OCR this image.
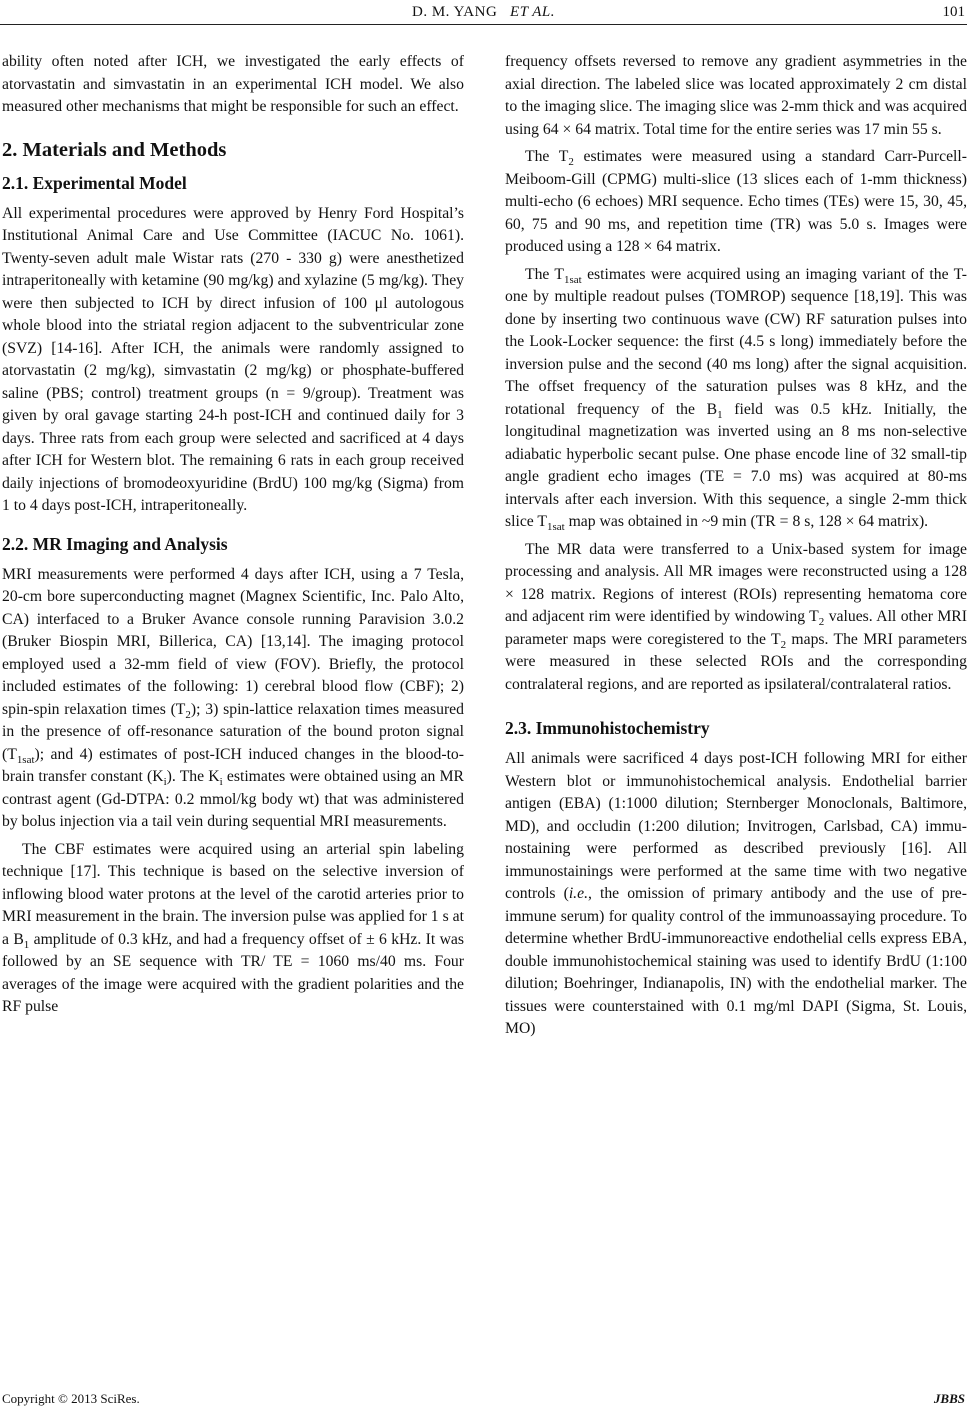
D. M. YANG ET AL.	101

ability often noted after ICH, we investigated the early effects of atorvastatin and simvastatin in an experimental ICH model. We also measured other mechanisms that might be responsible for such an effect.

2. Materials and Methods
2.1. Experimental Model

All experimental procedures were approved by Henry Ford Hospital’s Institutional Animal Care and Use Committee (IACUC No. 1061). Twenty-seven adult male Wistar rats (270 - 330 g) were anesthetized intraperitoneally with ketamine (90 mg/kg) and xylazine (5 mg/kg). They were then subjected to ICH by direct infusion of 100 μl autologous whole blood into the striatal region adjacent to the subventricular zone (SVZ) [14-16]. After ICH, the animals were randomly assigned to atorvastatin (2 mg/kg), simvastatin (2 mg/kg) or phosphate-buffered saline (PBS; control) treatment groups (n = 9/group). Treatment was given by oral gavage starting 24-h post-ICH and continued daily for 3 days. Three rats from each group were selected and sacrificed at 4 days after ICH for Western blot. The remaining 6 rats in each group received daily injections of bromodeoxyuridine (BrdU) 100 mg/kg (Sigma) from 1 to 4 days post-ICH, intraperitoneally.

2.2. MR Imaging and Analysis

MRI measurements were performed 4 days after ICH, using a 7 Tesla, 20-cm bore superconducting magnet (Magnex Scientific, Inc. Palo Alto, CA) interfaced to a Bruker Avance console running Paravision 3.0.2 (Bruker Biospin MRI, Billerica, CA) [13,14]. The imaging protocol employed used a 32-mm field of view (FOV). Briefly, the protocol included estimates of the following: 1) cerebral blood flow (CBF); 2) spin-spin relaxation times $(T_2)$; 3) spin-lattice relaxation times measured in the presence of off-resonance saturation of the bound proton signal $(T_{1sat})$; and 4) estimates of post-ICH induced changes in the blood-to-brain transfer constant $(K_i)$. The $K_i$ estimates were obtained using an MR contrast agent (Gd-DTPA: 0.2 mmol/kg body wt) that was administered by bolus injection via a tail vein during sequential MRI measurements.

The CBF estimates were acquired using an arterial spin labeling technique [17]. This technique is based on the selective inversion of inflowing blood water protons at the level of the carotid arteries prior to MRI measurement in the brain. The inversion pulse was applied for 1 s at a $B_1$ amplitude of 0.3 kHz, and had a frequency offset of ± 6 kHz. It was followed by an SE sequence with TR/ TE = 1060 ms/40 ms. Four averages of the image were acquired with the gradient polarities and the RF pulse

frequency offsets reversed to remove any gradient asymmetries in the axial direction. The labeled slice was located approximately 2 cm distal to the imaging slice. The imaging slice was 2-mm thick and was acquired using 64 × 64 matrix. Total time for the entire series was 17 min 55 s.

The $T_2$ estimates were measured using a standard Carr-Purcell-Meiboom-Gill (CPMG) multi-slice (13 slices each of 1-mm thickness) multi-echo (6 echoes) MRI sequence. Echo times (TEs) were 15, 30, 45, 60, 75 and 90 ms, and repetition time (TR) was 5.0 s. Images were produced using a 128 × 64 matrix.

The $T_{1sat}$ estimates were acquired using an imaging variant of the T-one by multiple readout pulses (TOMROP) sequence [18,19]. This was done by inserting two continuous wave (CW) RF saturation pulses into the Look-Locker sequence: the first (4.5 s long) immediately before the inversion pulse and the second (40 ms long) after the signal acquisition. The offset frequency of the saturation pulses was 8 kHz, and the rotational frequency of the $B_1$ field was 0.5 kHz. Initially, the longitudinal magnetization was inverted using an 8 ms non-selective adiabatic hyperbolic secant pulse. One phase encode line of 32 small-tip angle gradient echo images (TE = 7.0 ms) was acquired at 80-ms intervals after each inversion. With this sequence, a single 2-mm thick slice $T_{1sat}$ map was obtained in ~9 min (TR = 8 s, 128 × 64 matrix).

The MR data were transferred to a Unix-based system for image processing and analysis. All MR images were reconstructed using a 128 × 128 matrix. Regions of interest (ROIs) representing hematoma core and adjacent rim were identified by windowing $T_2$ values. All other MRI parameter maps were coregistered to the $T_2$ maps. The MRI parameters were measured in these selected ROIs and the corresponding contralateral regions, and are reported as ipsilateral/contralateral ratios.

2.3. Immunohistochemistry

All animals were sacrificed 4 days post-ICH following MRI for either Western blot or immunohistochemical analysis. Endothelial barrier antigen (EBA) (1:1000 dilution; Sternberger Monoclonals, Baltimore, MD), and occludin (1:200 dilution; Invitrogen, Carlsbad, CA) immunostaining were performed as described previously [16]. All immunostainings were performed at the same time with two negative controls (i.e., the omission of primary antibody and the use of pre-immune serum) for quality control of the immunoassaying procedure. To determine whether BrdU-immunoreactive endothelial cells express EBA, double immunohistochemical staining was used to identify BrdU (1:100 dilution; Boehringer, Indianapolis, IN) with the endothelial marker. The tissues were counterstained with 0.1 mg/ml DAPI (Sigma, St. Louis, MO)

Copyright © 2013 SciRes.	JBBS
